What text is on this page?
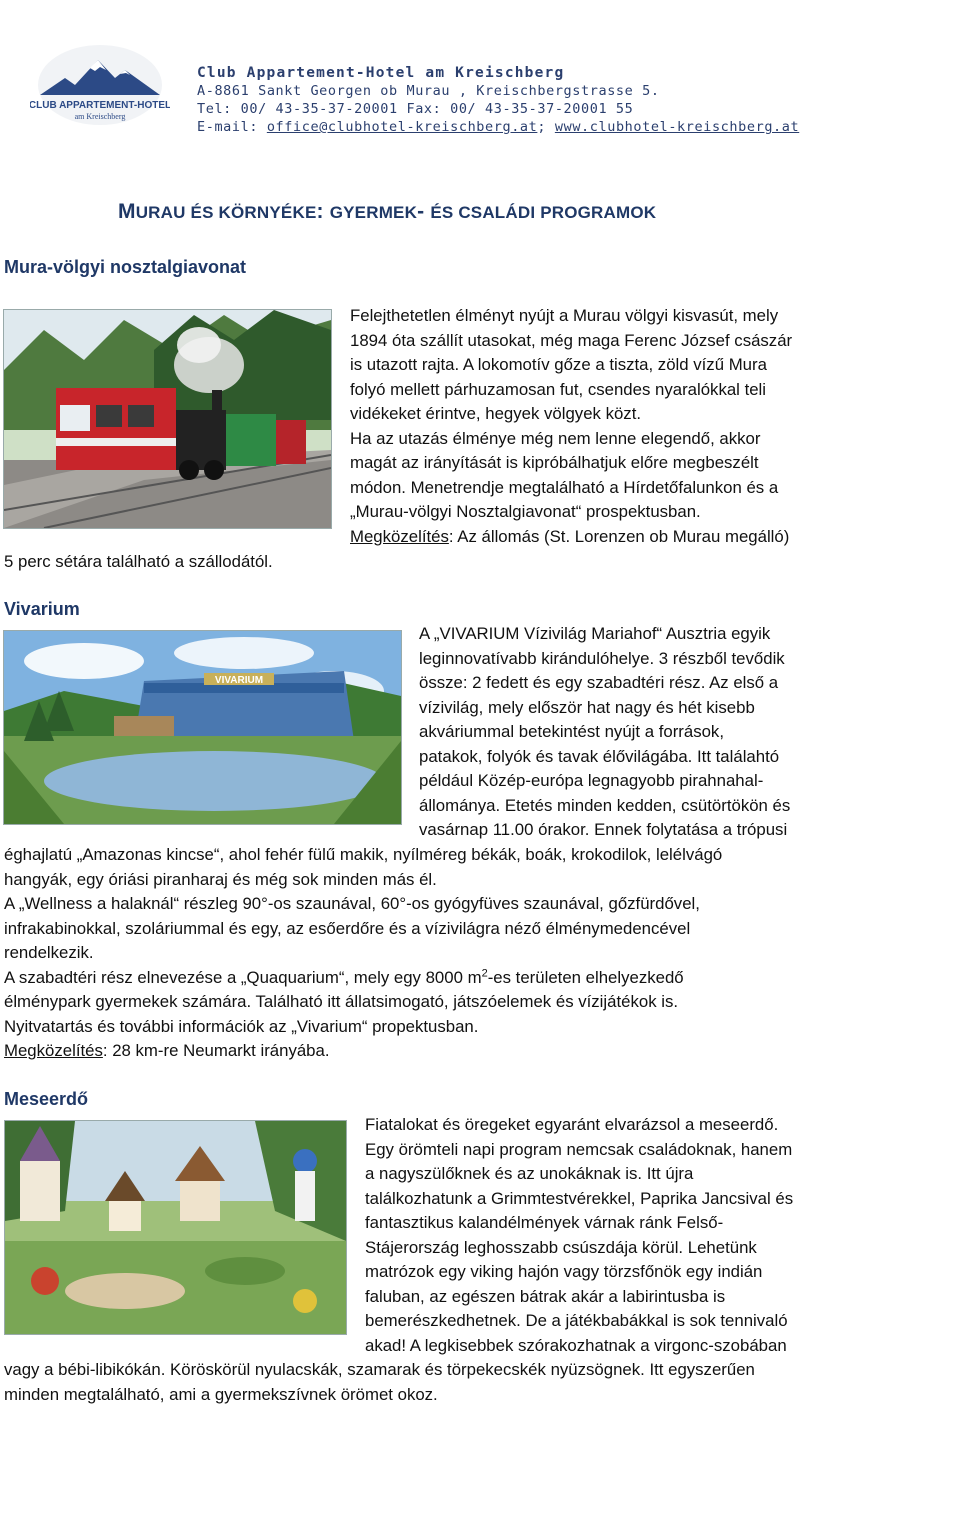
CLUB APPARTEMENT-HOTEL
am Kreischberg
Club Appartement-Hotel am Kreischberg
A-8861 Sankt Georgen ob Murau , Kreischbergstrasse 5.
Tel: 00/ 43-35-37-20001 Fax: 00/ 43-35-37-20001 55
E-mail: office@clubhotel-kreischberg.at; www.clubhotel-kreischberg.at
MURAU ÉS KÖRNYÉKE: GYERMEK- ÉS CSALÁDI PROGRAMOK
Mura-völgyi nosztalgiavonat

Felejthetetlen élményt nyújt a Murau völgyi kisvasút, mely

1894 óta szállít utasokat, még maga Ferenc József császár

is utazott rajta. A lokomotív gőze a tiszta, zöld vízű Mura

folyó mellett párhuzamosan fut, csendes nyaralókkal teli

vidékeket érintve, hegyek völgyek közt.

Ha az utazás élménye még nem lenne elegendő, akkor

magát az irányítását is kipróbálhatjuk előre megbeszélt

módon. Menetrendje megtalálható a Hírdetőfalunkon és a

„Murau-völgyi Nosztalgiavonat“ prospektusban.

Megközelítés: Az állomás (St. Lorenzen ob Murau megálló)

5 perc sétára található a szállodától.
Vivarium
VIVARIUM

A „VIVARIUM Vízivilág Mariahof“ Ausztria egyik

leginnovatívabb kirándulóhelye. 3 részből tevődik

össze: 2 fedett és egy szabadtéri rész. Az első a

vízivilág, mely először hat nagy és hét kisebb

akváriummal betekintést nyújt a források,

patakok, folyók és tavak élővilágába. Itt találahtó

például Közép-európa legnagyobb pirahnahal-

állománya. Etetés minden kedden, csütörtökön és

vasárnap 11.00 órakor. Ennek folytatása a trópusi

éghajlatú „Amazonas kincse“, ahol fehér fülű makik, nyílméreg békák, boák, krokodilok, lelélvágó

hangyák, egy óriási piranharaj és még sok minden más él.

A „Wellness a halaknál“ részleg 90°-os szaunával, 60°-os gyógyfüves szaunával, gőzfürdővel,

infrakabinokkal, szoláriummal és egy, az esőerdőre és a vízivilágra néző élménymedencével

rendelkezik.

A szabadtéri rész elnevezése a „Quaquarium“, mely egy 8000 $m^2-es$ területen elhelyezkedő

élménypark gyermekek számára. Található itt állatsimogató, játszóelemek és vízijátékok is.

Nyitvatartás és további információk az „Vivarium“ propektusban.

Megközelítés: 28 km-re Neumarkt irányába.

Meseerdő

Fiatalokat és öregeket egyaránt elvarázsol a meseerdő.

Egy örömteli napi program nemcsak családoknak, hanem

a nagyszülőknek és az unokáknak is. Itt újra

találkozhatunk a Grimmtestvérekkel, Paprika Jancsival és

fantasztikus kalandélmények várnak ránk Felső-

Stájerország leghosszabb csúszdája körül. Lehetünk

matrózok egy viking hajón vagy törzsfőnök egy indián

faluban, az egészen bátrak akár a labirintusba is

bemerészkedhetnek. De a játékbabákkal is sok tennivaló

akad! A legkisebbek szórakozhatnak a virgonc-szobában

vagy a bébi-libikókán. Köröskörül nyulacskák, szamarak és törpekecskék nyüzsögnek. Itt egyszerűen

minden megtalálható, ami a gyermekszívnek örömet okoz.
